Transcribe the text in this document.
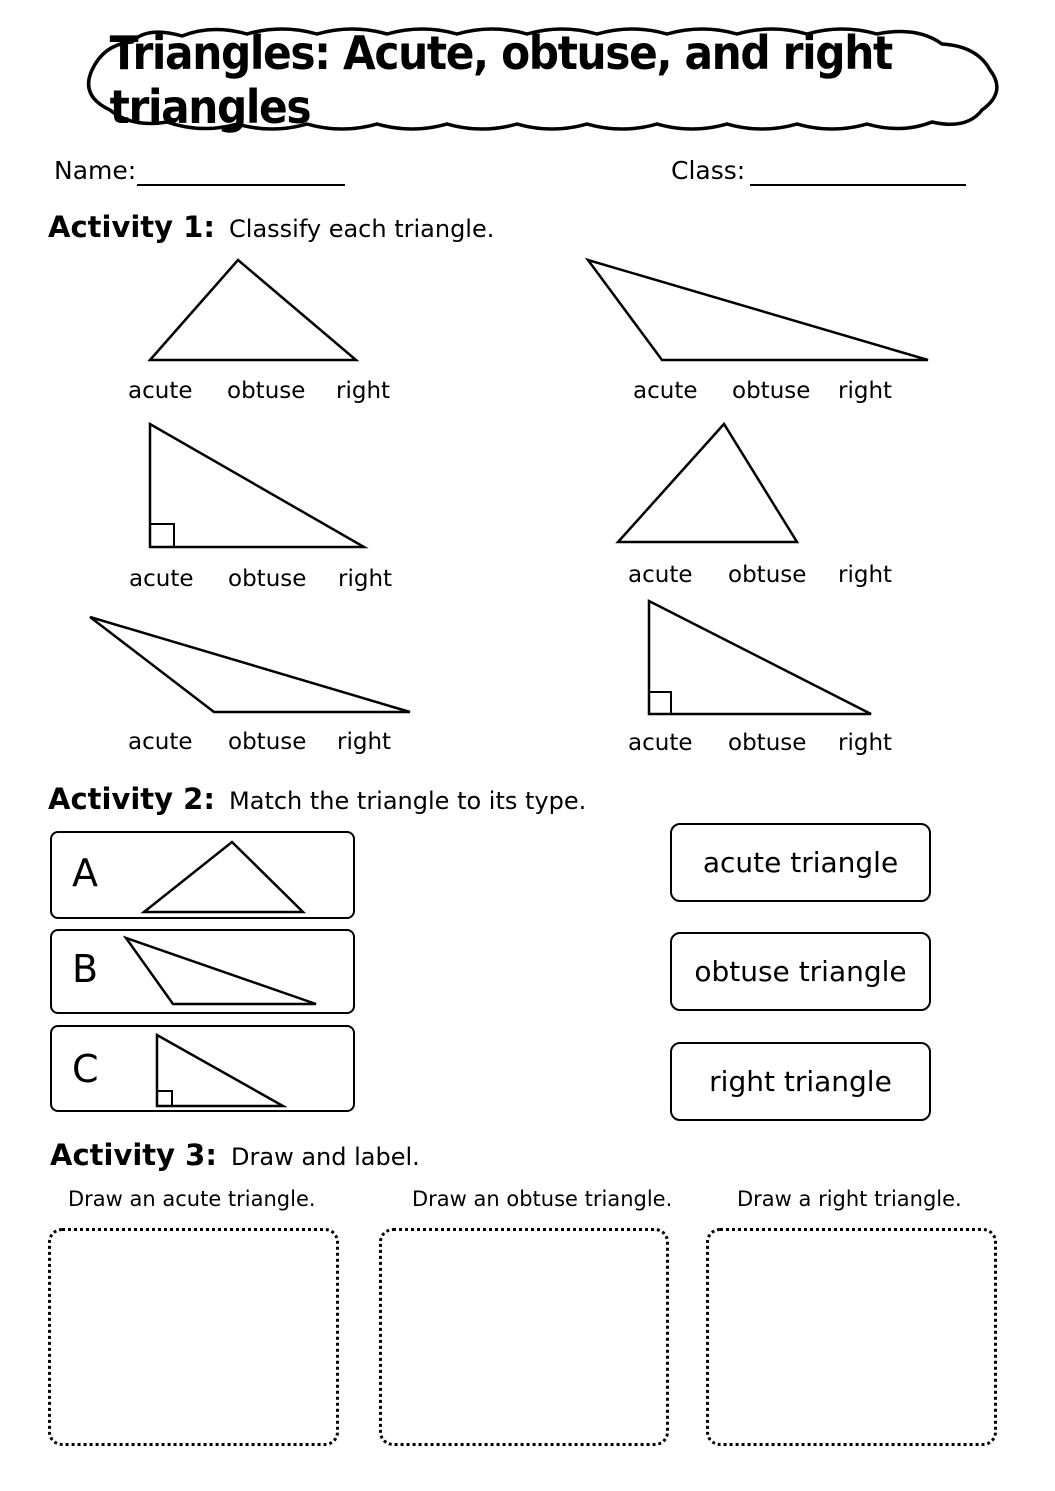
Triangles: Acute, obtuse, and right triangles
Name:	Class:
Activity 1: Classify each triangle.
acute obtuse right	acute obtuse right
acute obtuse right	acute obtuse right
acute obtuse right	acute obtuse right
Activity 2: Match the triangle to its type.
A
B
C
acute triangle
obtuse triangle
right triangle
Activity 3: Draw and label.
Draw an acute triangle.	Draw an obtuse triangle.	Draw a right triangle.
